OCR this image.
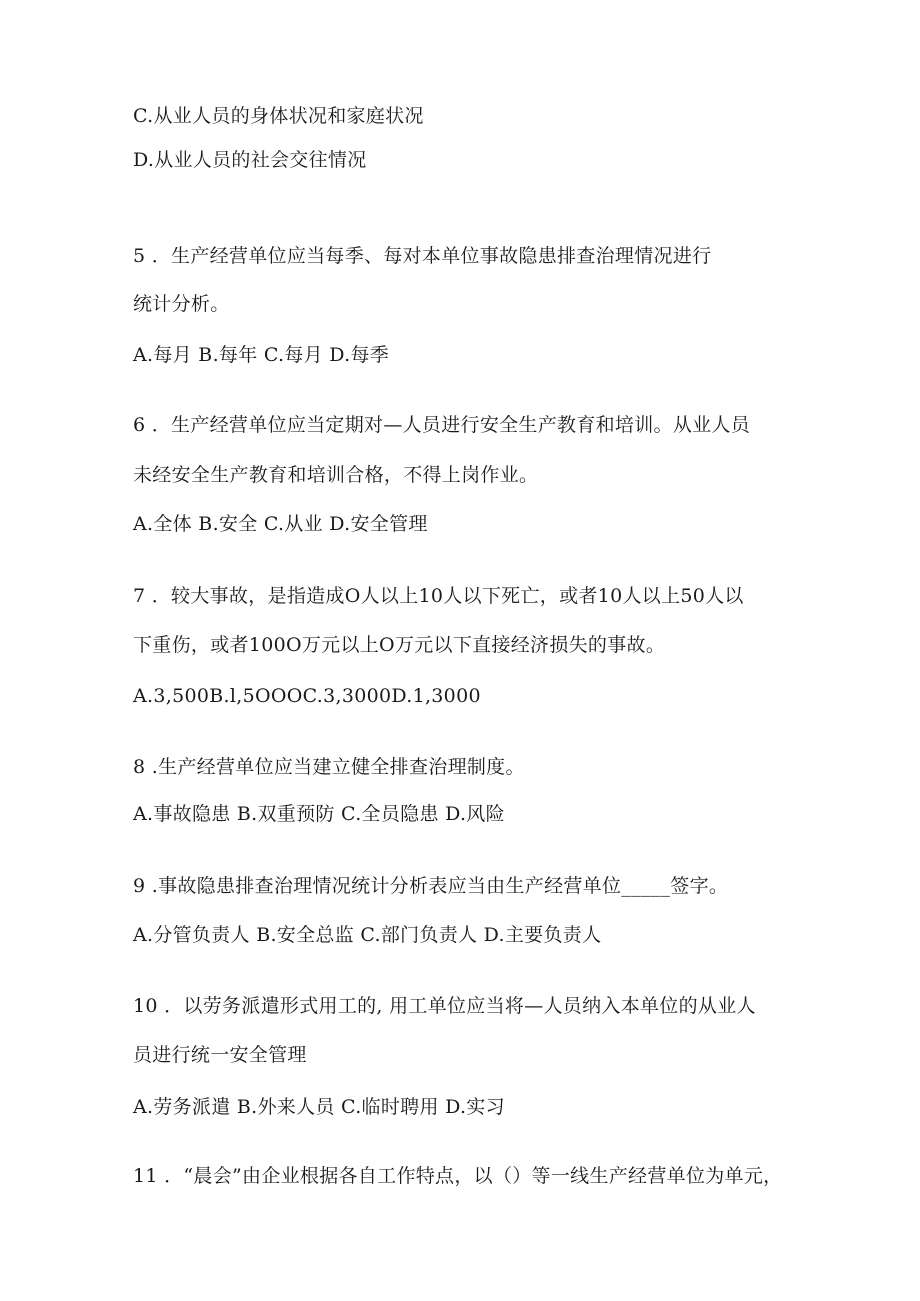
C.从业人员的身体状况和家庭状况
D.从业人员的社会交往情况
5 ．生产经营单位应当每季、每对本单位事故隐患排查治理情况进行
统计分析。
A.每月 B.每年 C.每月 D.每季
6 ．生产经营单位应当定期对—人员进行安全生产教育和培训。从业人员
未经安全生产教育和培训合格，不得上岗作业。
A.全体 B.安全 C.从业 D.安全管理
7 ．较大事故，是指造成O人以上10人以下死亡，或者10人以上50人以
下重伤，或者100O万元以上O万元以下直接经济损失的事故。
A.3,500B.l,5OOOC.3,3000D.1,3000
8 .生产经营单位应当建立健全排查治理制度。
A.事故隐患 B.双重预防 C.全员隐患 D.风险
9 .事故隐患排查治理情况统计分析表应当由生产经营单位_____签字。
A.分管负责人 B.安全总监 C.部门负责人 D.主要负责人
10 ．以劳务派遣形式用工的, 用工单位应当将—人员纳入本单位的从业人
员进行统一安全管理
A.劳务派遣 B.外来人员 C.临时聘用 D.实习
11 ．“晨会”由企业根据各自工作特点，以（）等一线生产经营单位为单元，
